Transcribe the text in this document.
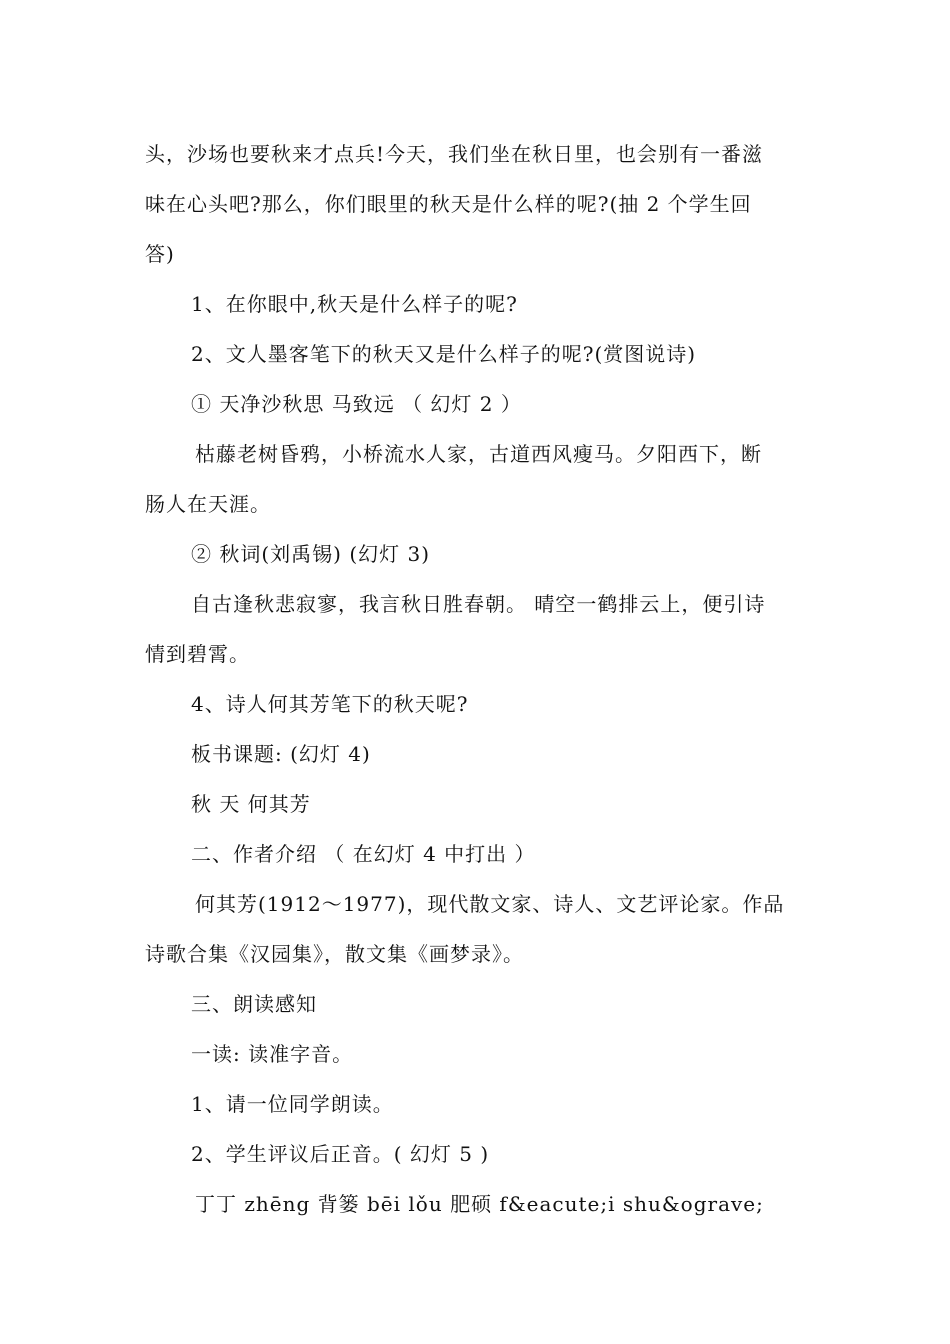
头，沙场也要秋来才点兵!今天，我们坐在秋日里，也会别有一番滋
味在心头吧?那么，你们眼里的秋天是什么样的呢?(抽 2 个学生回
答)
1、在你眼中,秋天是什么样子的呢?
2、文人墨客笔下的秋天又是什么样子的呢?(赏图说诗)
① 天净沙秋思 马致远 （ 幻灯 2 ）
枯藤老树昏鸦，小桥流水人家，古道西风瘦马。夕阳西下，断
肠人在天涯。
② 秋词(刘禹锡) (幻灯 3)
自古逢秋悲寂寥，我言秋日胜春朝。 晴空一鹤排云上，便引诗
情到碧霄。
4、诗人何其芳笔下的秋天呢?
板书课题: (幻灯 4)
秋 天 何其芳
二、作者介绍 （ 在幻灯 4 中打出 ）
何其芳(1912～1977)，现代散文家、诗人、文艺评论家。作品
诗歌合集《汉园集》，散文集《画梦录》。
三、朗读感知
一读: 读准字音。
1、请一位同学朗读。
2、学生评议后正音。( 幻灯 5 )
丁丁 zhēng 背篓 bēi lǒu 肥硕 f&eacute;i shu&ograve;
